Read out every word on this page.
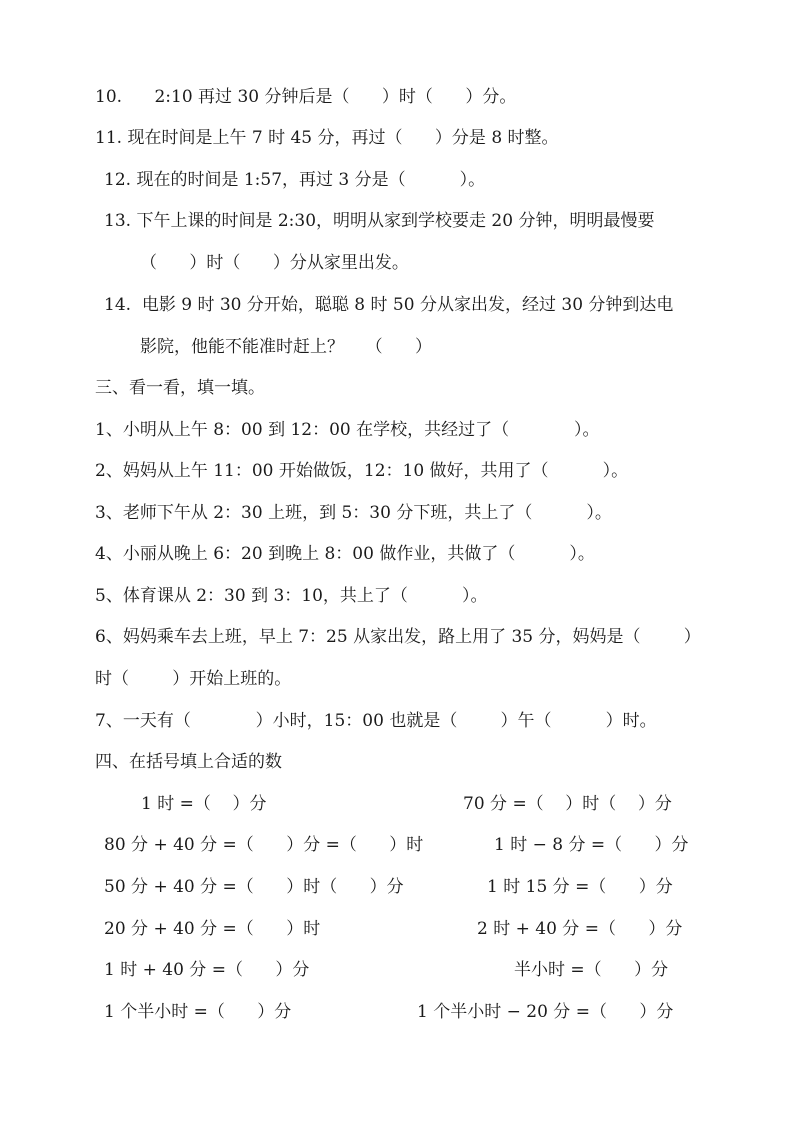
10.      2:10 再过 30 分钟后是（      ）时（      ）分。
11. 现在时间是上午 7 时 45 分，再过（      ）分是 8 时整。
12. 现在的时间是 1:57，再过 3 分是（          ）。
13. 下午上课的时间是 2:30，明明从家到学校要走 20 分钟，明明最慢要
（      ）时（      ）分从家里出发。
14.  电影 9 时 30 分开始，聪聪 8 时 50 分从家出发，经过 30 分钟到达电
影院，他能不能准时赶上？    （      ）
三、看一看，填一填。
1、小明从上午 8：00 到 12：00 在学校，共经过了（            ）。
2、妈妈从上午 11：00 开始做饭，12：10 做好，共用了（          ）。
3、老师下午从 2：30 上班，到 5：30 分下班，共上了（          ）。
4、小丽从晚上 6：20 到晚上 8：00 做作业，共做了（          ）。
5、体育课从 2：30 到 3：10，共上了（          ）。
6、妈妈乘车去上班，早上 7：25 从家出发，路上用了 35 分，妈妈是（        ）
时（        ）开始上班的。
7、一天有（            ）小时，15：00 也就是（        ）午（          ）时。
四、在括号填上合适的数
1 时 =（    ）分
80 分 + 40 分 =（      ）分 =（      ）时
50 分 + 40 分 =（      ）时（      ）分
20 分 + 40 分 =（      ）时
1 时 + 40 分 =（      ）分
1 个半小时 =（      ）分
70 分 =（    ）时（    ）分
1 时 − 8 分 =（      ）分
1 时 15 分 =（      ）分
2 时 + 40 分 =（      ）分
半小时 =（      ）分
1 个半小时 − 20 分 =（      ）分
